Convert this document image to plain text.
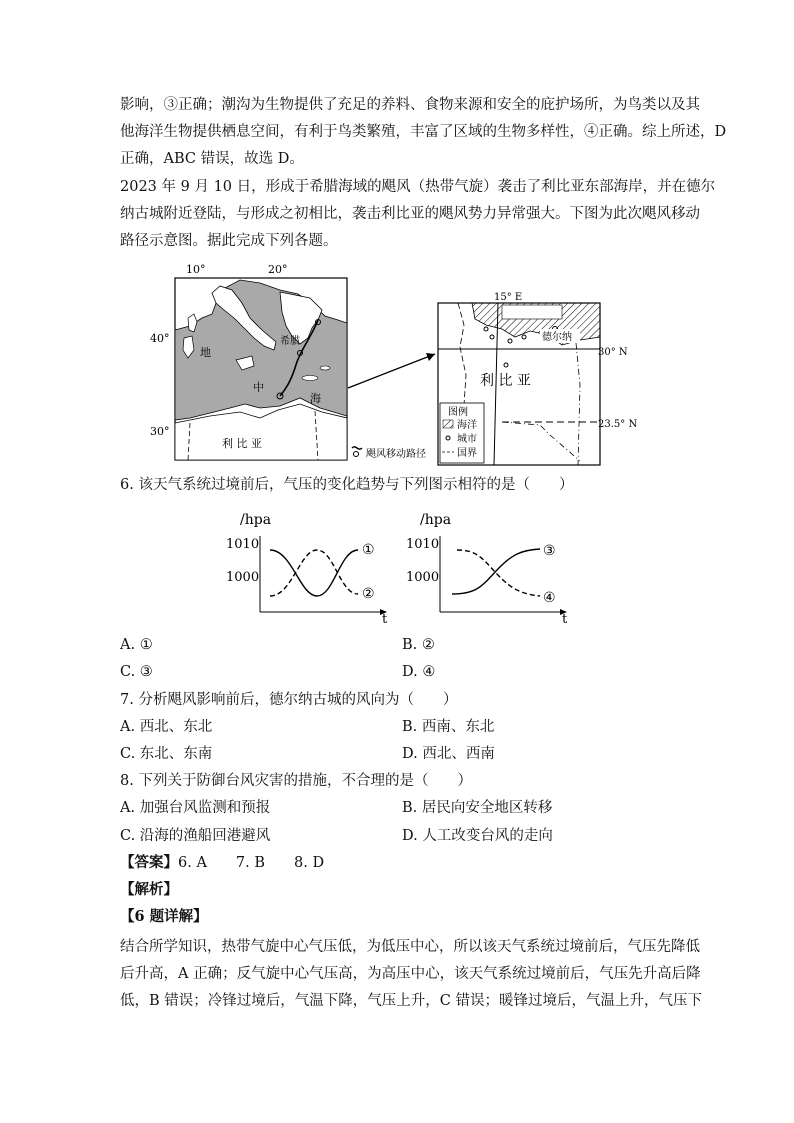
影响，③正确；潮沟为生物提供了充足的养料、食物来源和安全的庇护场所，为鸟类以及其

他海洋生物提供栖息空间，有利于鸟类繁殖，丰富了区域的生物多样性，④正确。综上所述，D

正确，ABC 错误，故选 D。

2023 年 9 月 10 日，形成于希腊海域的飓风（热带气旋）袭击了利比亚东部海岸，并在德尔

纳古城附近登陆，与形成之初相比，袭击利比亚的飓风势力异常强大。下图为此次飓风移动

路径示意图。据此完成下列各题。

10°	20°
希腊
地
中
海
利 比 亚
40°
30°
飓风移动路径
15° E
30° N
23.5° N
德尔纳
利 比 亚
图例
海洋
城市
国界
6. 该天气系统过境前后，气压的变化趋势与下列图示相符的是（　　）
/hpa
t
1010
1000
①
②
/hpa
t
1010
1000
③
④
A. ①	B. ②
C. ③	D. ④
7. 分析飓风影响前后，德尔纳古城的风向为（　　）
A. 西北、东北	B. 西南、东北
C. 东北、东南	D. 西北、西南
8. 下列关于防御台风灾害的措施，不合理的是（　　）
A. 加强台风监测和预报	B. 居民向安全地区转移
C. 沿海的渔船回港避风	D. 人工改变台风的走向
【答案】6. A　　7. B　　8. D
【解析】
【6 题详解】

结合所学知识，热带气旋中心气压低，为低压中心，所以该天气系统过境前后，气压先降低

后升高，A 正确；反气旋中心气压高，为高压中心，该天气系统过境前后，气压先升高后降

低，B 错误；冷锋过境后，气温下降，气压上升，C 错误；暖锋过境后，气温上升，气压下
